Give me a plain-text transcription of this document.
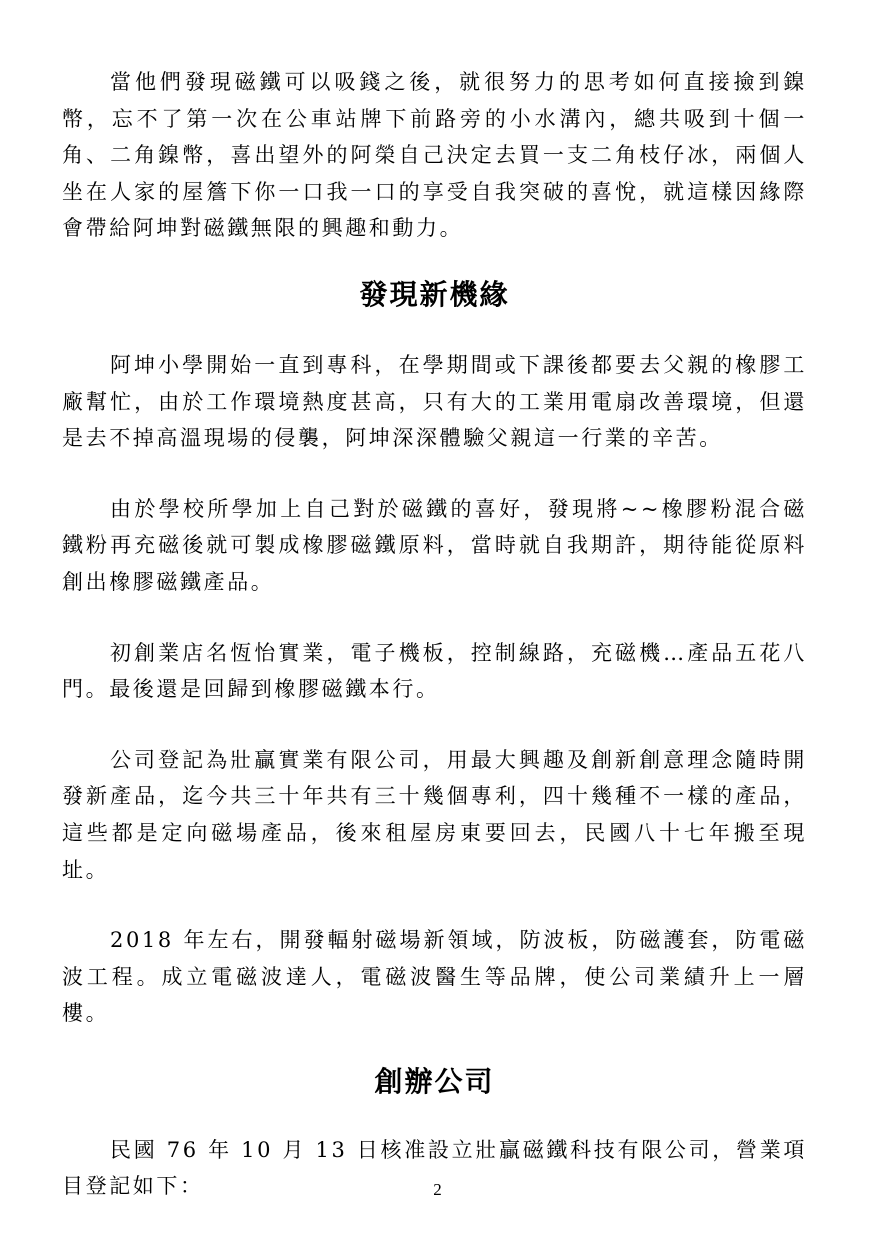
當他們發現磁鐵可以吸錢之後，就很努力的思考如何直接撿到鎳幣，忘不了第一次在公車站牌下前路旁的小水溝內，總共吸到十個一角、二角鎳幣，喜出望外的阿榮自己決定去買一支二角枝仔冰，兩個人坐在人家的屋簷下你一口我一口的享受自我突破的喜悅，就這樣因緣際會帶給阿坤對磁鐵無限的興趣和動力。

發現新機緣

阿坤小學開始一直到專科，在學期間或下課後都要去父親的橡膠工廠幫忙，由於工作環境熱度甚高，只有大的工業用電扇改善環境，但還是去不掉高溫現場的侵襲，阿坤深深體驗父親這一行業的辛苦。

由於學校所學加上自己對於磁鐵的喜好，發現將~~橡膠粉混合磁鐵粉再充磁後就可製成橡膠磁鐵原料，當時就自我期許，期待能從原料創出橡膠磁鐵產品。

初創業店名恆怡實業，電子機板，控制線路，充磁機…產品五花八門。最後還是回歸到橡膠磁鐵本行。

公司登記為壯贏實業有限公司，用最大興趣及創新創意理念隨時開發新產品，迄今共三十年共有三十幾個專利，四十幾種不一樣的產品，這些都是定向磁場產品，後來租屋房東要回去，民國八十七年搬至現址。

2018 年左右，開發輻射磁場新領域，防波板，防磁護套，防電磁波工程。成立電磁波達人，電磁波醫生等品牌，使公司業績升上一層樓。

創辦公司

民國 76 年 10 月 13 日核准設立壯贏磁鐵科技有限公司，營業項目登記如下：	2
